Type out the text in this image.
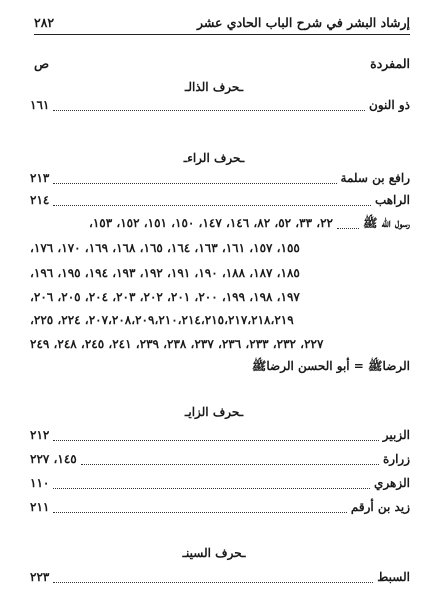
إرشاد البشر في شرح الباب الحادي عشر
٢٨٢
المفردة
ص
ـحرف الذالـ
ذو النون
١٦١
ـحرف الراءـ
رافع بن سلمة
٢١٣
الراهب
٢١٤
رسول الله ﷺ
٢٢، ٣٣، ٥٢، ٨٢، ١٤٦، ١٤٧، ١٥٠، ١٥١، ١٥٢، ١٥٣،
١٥٥، ١٥٧، ١٦١، ١٦٣، ١٦٤، ١٦٥، ١٦٨، ١٦٩، ١٧٠، ١٧٦،
١٨٥، ١٨٧، ١٨٨، ١٩٠، ١٩١، ١٩٢، ١٩٣، ١٩٤، ١٩٥، ١٩٦،
١٩٧، ١٩٨، ١٩٩، ٢٠٠، ٢٠١، ٢٠٢، ٢٠٣، ٢٠٤، ٢٠٥، ٢٠٦،
٢٠٧،٢٠٨،٢٠٩،٢١٠،٢١٤،٢١٥،٢١٧،٢١٨،٢١٩، ٢٢٤، ٢٢٥،
٢٢٧، ٢٣٢، ٢٣٣، ٢٣٦، ٢٣٧، ٢٣٨، ٢٣٩، ٢٤١، ٢٤٥، ٢٤٨، ٢٤٩
الرضاﷺ = أبو الحسن الرضاﷺ
ـحرف الزايـ
الزبير
٢١٢
زرارة
١٤٥، ٢٢٧
الزهري
١١٠
زيد بن أرقم
٢١١
ـحرف السينـ
السبط
٢٢٣
